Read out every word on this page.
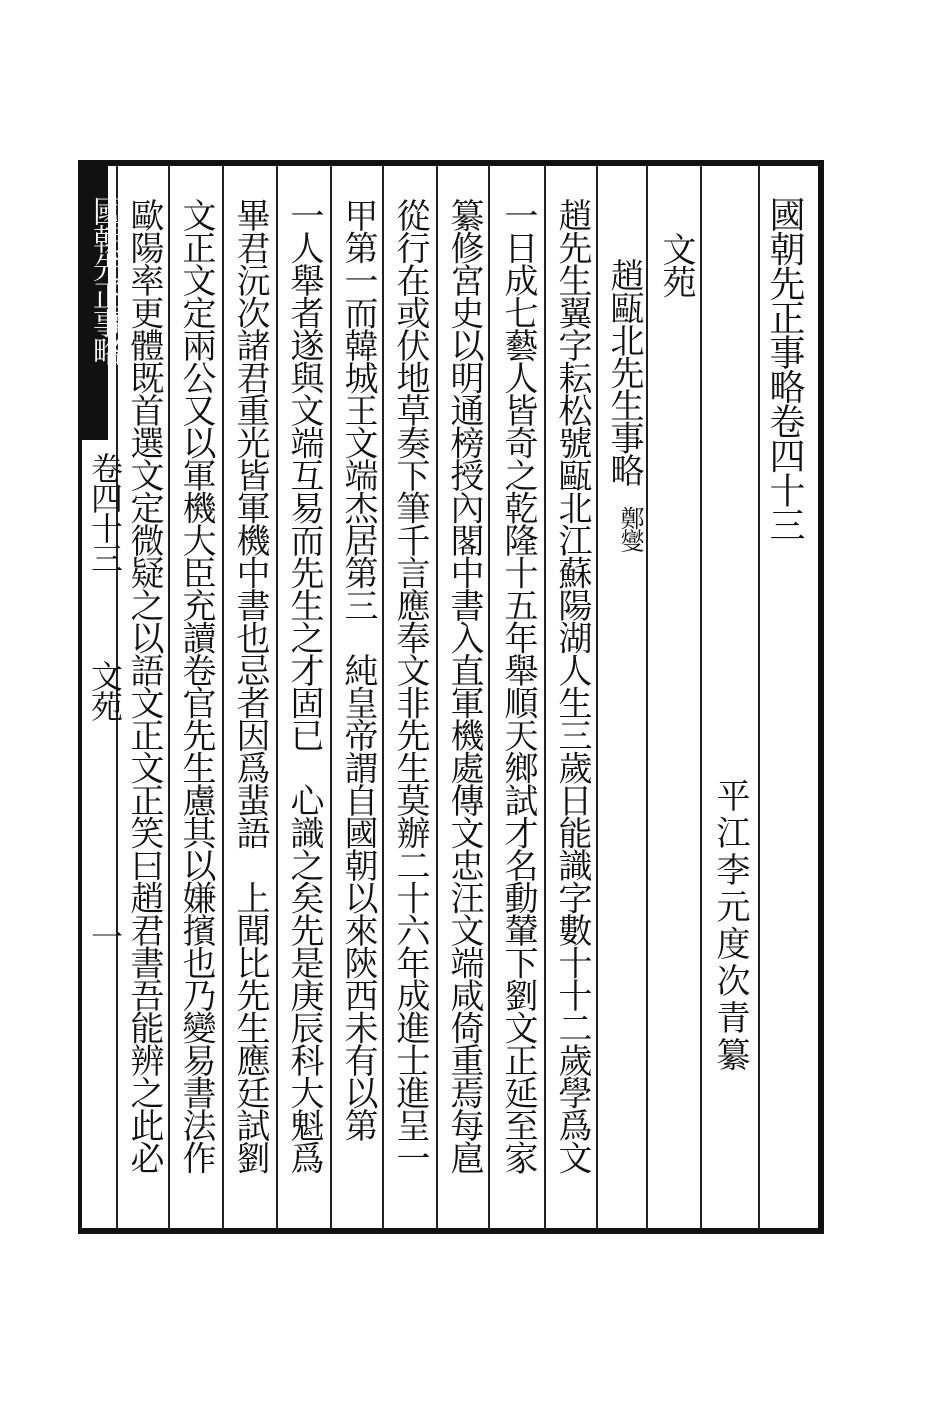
國朝先正事略卷四十三
平江李元度次青纂
文苑
趙甌北先生事略
鄭燮
趙先生翼字耘松號甌北江蘇陽湖人生三歲日能識字數十十二歲學爲文
一日成七藝人皆奇之乾隆十五年舉順天鄉試才名動輦下劉文正延至家
纂修宮史以明通榜授內閣中書入直軍機處傳文忠汪文端咸倚重焉每扈
從行在或伏地草奏下筆千言應奉文非先生莫辦二十六年成進士進呈一
甲第一而韓城王文端杰居第三　純皇帝謂自國朝以來陝西未有以第
一人舉者遂與文端互易而先生之才固已　心識之矣先是庚辰科大魁爲
畢君沅次諸君重光皆軍機中書也忌者因爲蜚語　上聞比先生應廷試劉
文正文定兩公又以軍機大臣充讀卷官先生慮其以嫌擯也乃變易書法作
歐陽率更體既首選文定微疑之以語文正文正笑曰趙君書吾能辨之此必
國朝先正事略
卷四十三
文苑
一
